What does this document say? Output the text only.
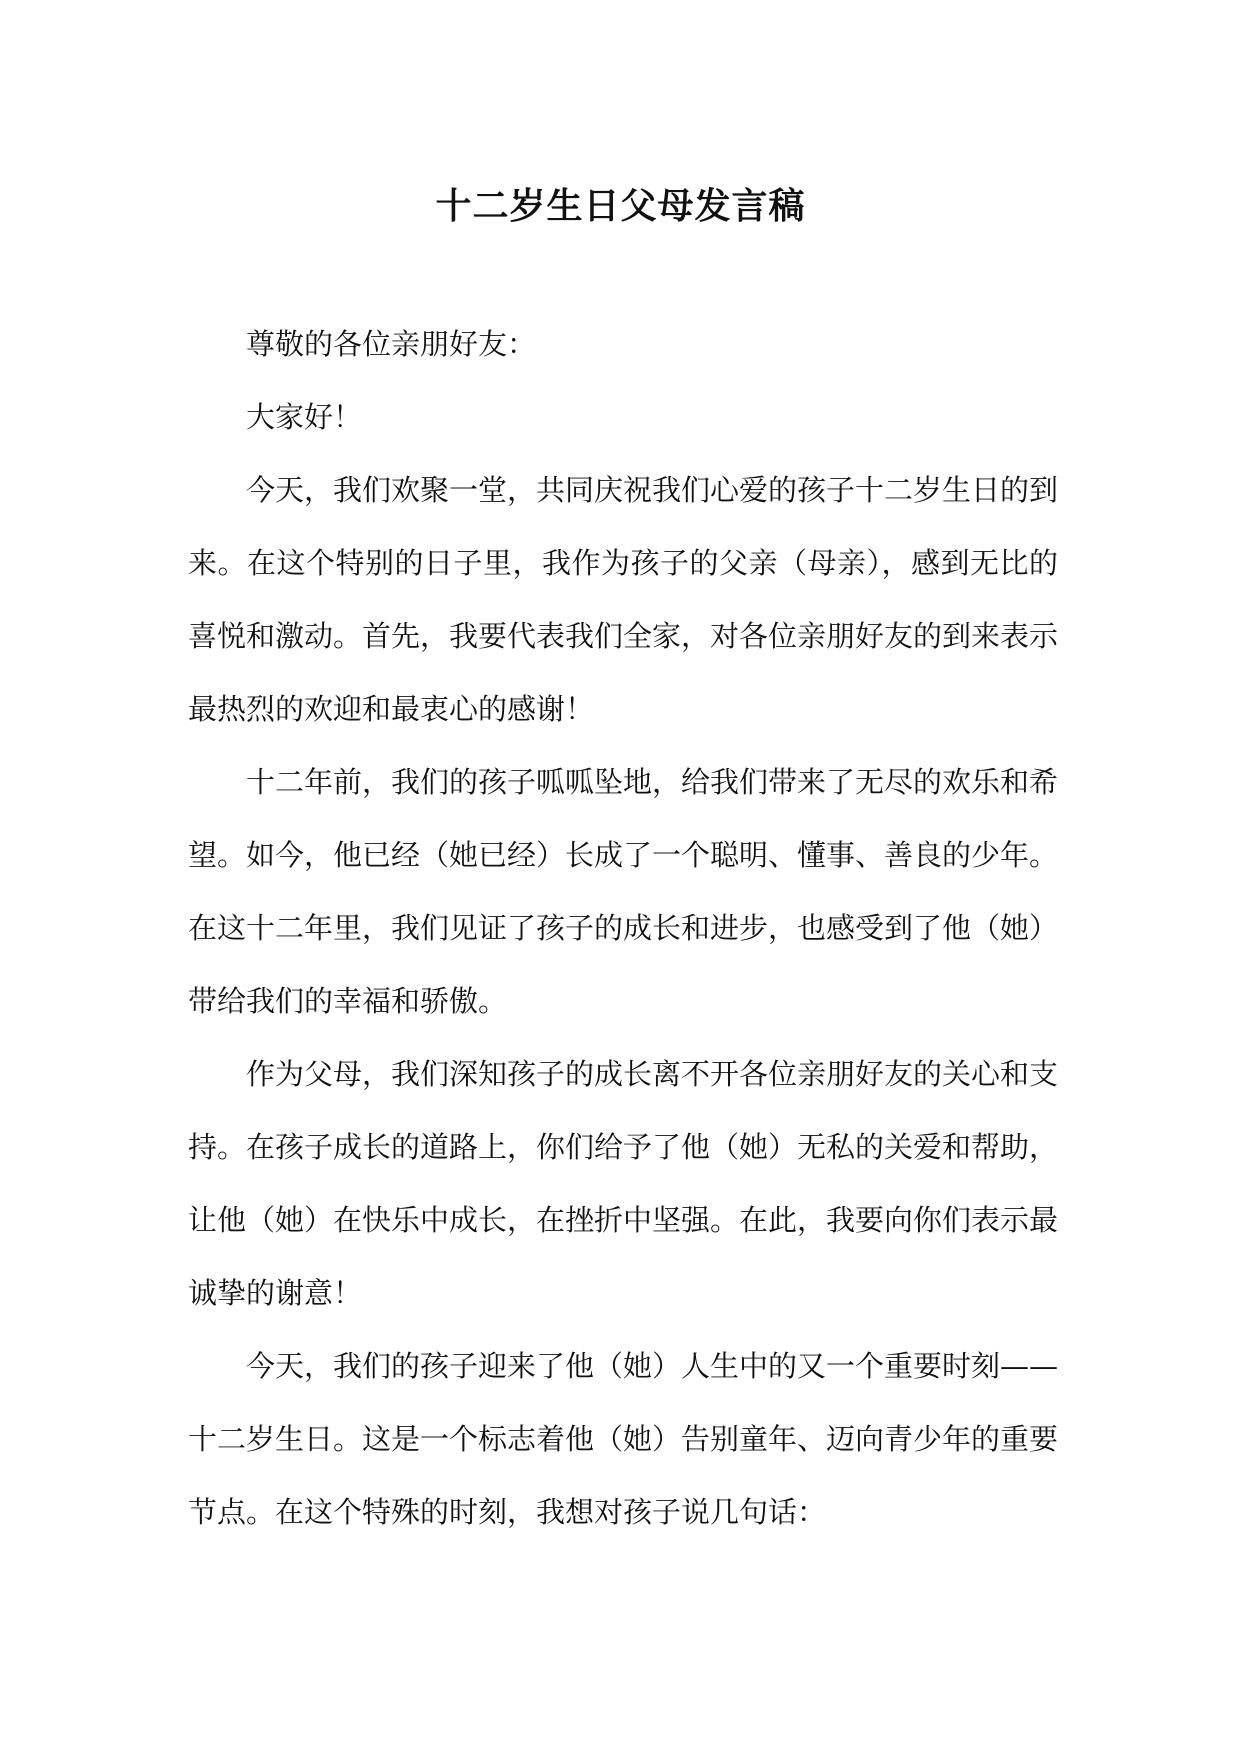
十二岁生日父母发言稿
尊敬的各位亲朋好友：
大家好！
今天，我们欢聚一堂，共同庆祝我们心爱的孩子十二岁生日的到
来。在这个特别的日子里，我作为孩子的父亲（母亲），感到无比的
喜悦和激动。首先，我要代表我们全家，对各位亲朋好友的到来表示
最热烈的欢迎和最衷心的感谢！
十二年前，我们的孩子呱呱坠地，给我们带来了无尽的欢乐和希
望。如今，他已经（她已经）长成了一个聪明、懂事、善良的少年。
在这十二年里，我们见证了孩子的成长和进步，也感受到了他（她）
带给我们的幸福和骄傲。
作为父母，我们深知孩子的成长离不开各位亲朋好友的关心和支
持。在孩子成长的道路上，你们给予了他（她）无私的关爱和帮助，
让他（她）在快乐中成长，在挫折中坚强。在此，我要向你们表示最
诚挚的谢意！
今天，我们的孩子迎来了他（她）人生中的又一个重要时刻——
十二岁生日。这是一个标志着他（她）告别童年、迈向青少年的重要
节点。在这个特殊的时刻，我想对孩子说几句话：
